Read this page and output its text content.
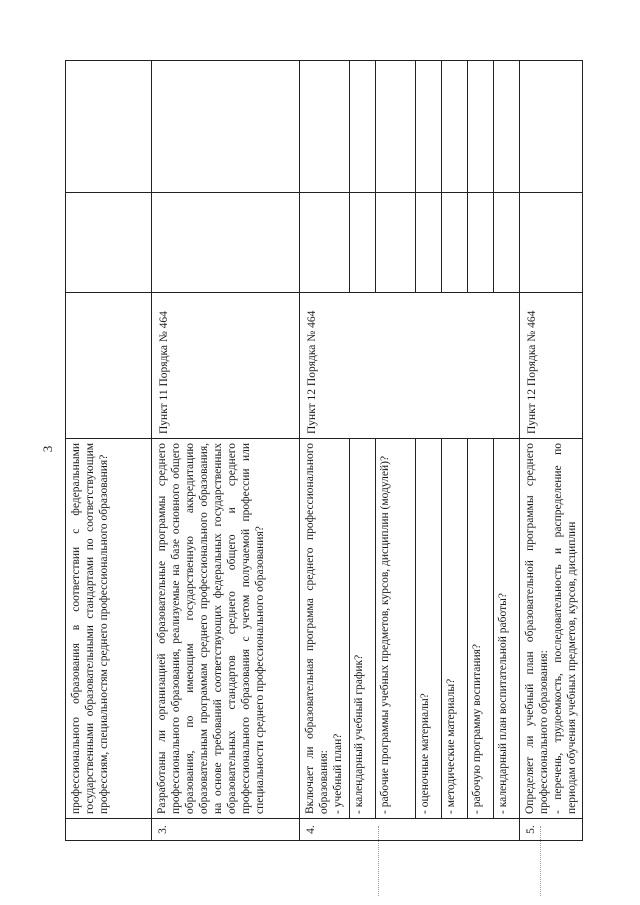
3
	профессионального образования в соответствии с федеральными государственными образовательными стандартами по соответствующим профессиям, специальностям среднего профессионального образования?			
3.	Разработаны ли организацией образовательные программы среднего профессионального образования, реализуемые на базе основного общего образования, по имеющим государственную аккредитацию образовательным программам среднего профессионального образования, на основе требований соответствующих федеральных государственных образовательных стандартов среднего общего и среднего профессионального образования с учетом получаемой профессии или специальности среднего профессионального образования?	Пункт 11 Порядка № 464		
4.	Включает ли образовательная программа среднего профессионального образования: - учебный план?	Пункт 12 Порядка № 464		
	- календарный учебный график?			
	- рабочие программы учебных предметов, курсов, дисциплин (модулей)?			
	- оценочные материалы?			
	- методические материалы?			
	- рабочую программу воспитания?			
	- календарный план воспитательной работы?			
5.	Определяет ли учебный план образовательной программы среднего профессионального образования: - перечень, трудоемкость, последовательность и распределение по периодам обучения учебных предметов, курсов, дисциплин	Пункт 12 Порядка № 464		
